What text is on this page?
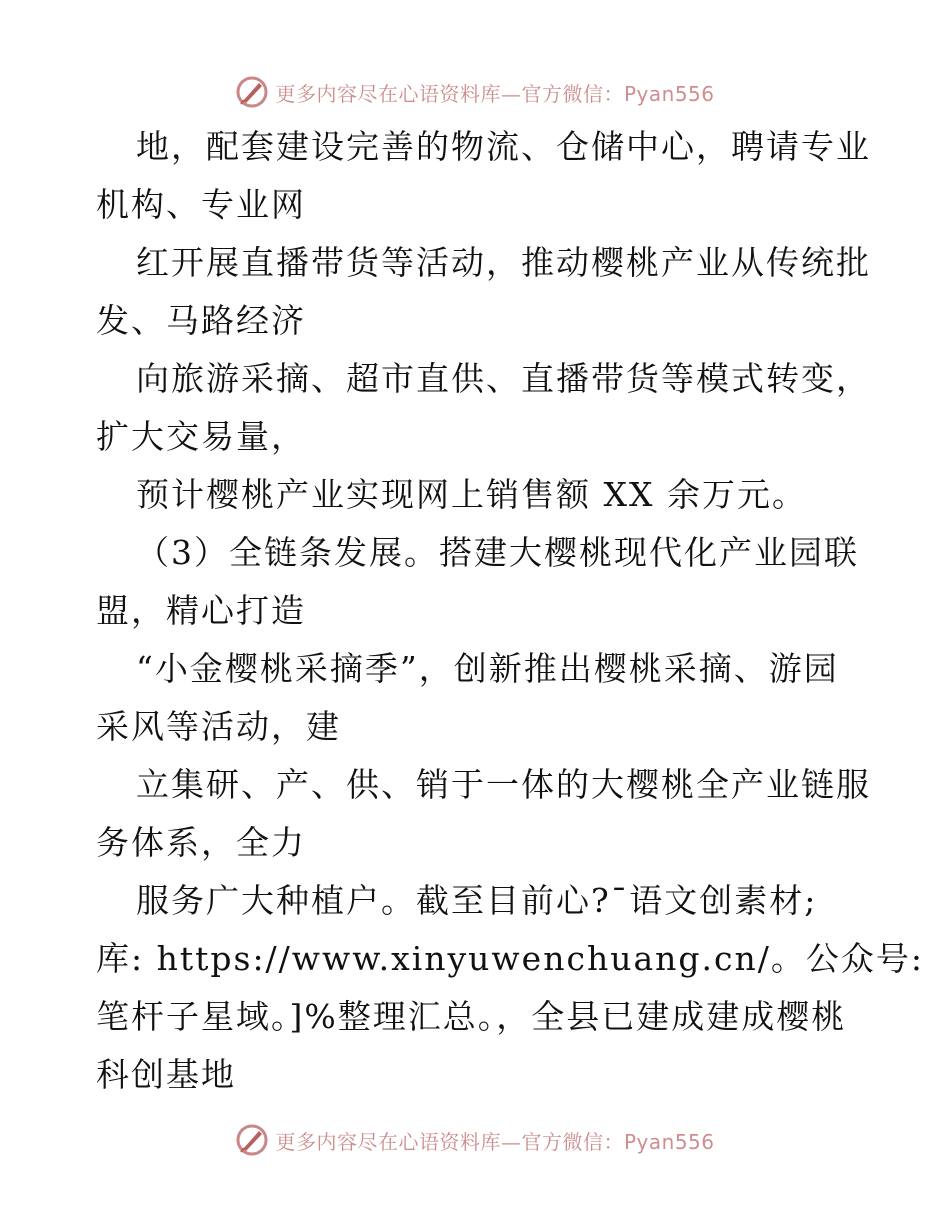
更多内容尽在心语资料库—官方微信：Pyan556
地，配套建设完善的物流、仓储中心，聘请专业
机构、专业网
红开展直播带货等活动，推动樱桃产业从传统批
发、马路经济
向旅游采摘、超市直供、直播带货等模式转变，
扩大交易量，
预计樱桃产业实现网上销售额 XX 余万元。
（3）全链条发展。搭建大樱桃现代化产业园联
盟，精心打造
“小金樱桃采摘季”，创新推出樱桃采摘、游园
采风等活动，建
立集研、产、供、销于一体的大樱桃全产业链服
务体系，全力
服务广大种植户。截至目前心?¯语文创素材;
库: https://www.xinyuwenchuang.cn/。公众号:
笔杆子星域。]%整理汇总。，全县已建成建成樱桃
科创基地
更多内容尽在心语资料库—官方微信：Pyan556
